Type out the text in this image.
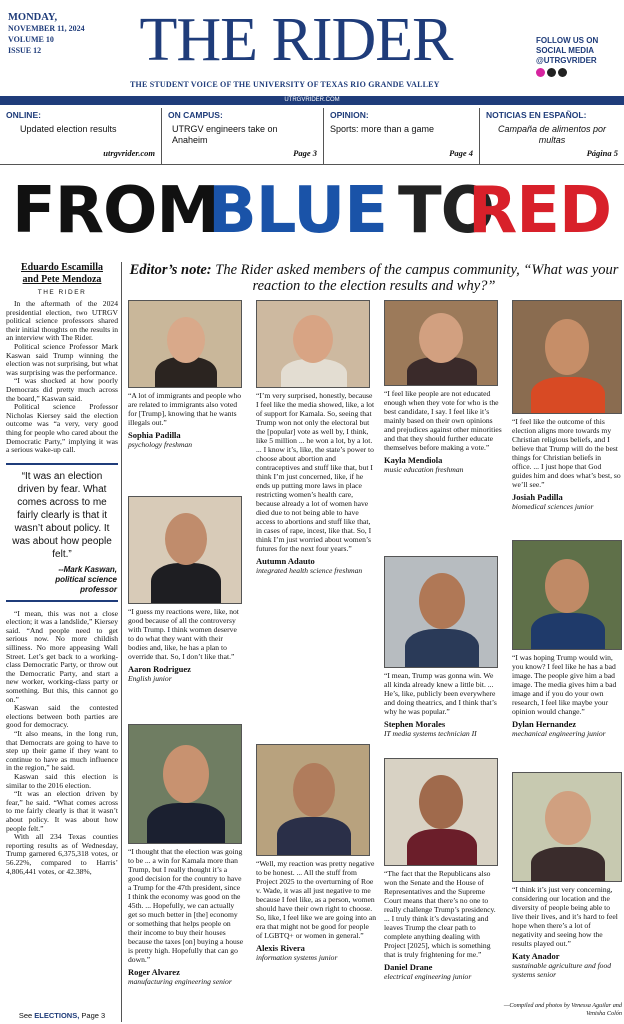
MONDAY,
NOVEMBER 11, 2024
VOLUME 10
ISSUE 12	THE RIDER
THE STUDENT VOICE OF THE UNIVERSITY OF TEXAS RIO GRANDE VALLEY
FOLLOW US ON
SOCIAL MEDIA
@UTRGVRIDER
UTRGVRIDER.COM
ONLINE:
Updated election results
utrgvrider.com
ON CAMPUS:
UTRGV engineers take on Anaheim
Page 3
OPINION:
Sports: more than a game
Page 4
NOTICIAS EN ESPAÑOL:
Campaña de alimentos por multas
Página 5
FROM
BLUE TO
RED
Eduardo Escamilla
and Pete Mendoza
THE RIDER

In the aftermath of the 2024 presidential election, two UTRGV political science professors shared their initial thoughts on the results in an interview with The Rider.

Political science Professor Mark Kaswan said Trump winning the election was not surprising, but what was surprising was the performance.

“I was shocked at how poorly Democrats did pretty much across the board,” Kaswan said.

Political science Professor Nicholas Kiersey said the election outcome was “a very, very good thing for people who cared about the Democratic Party,” implying it was a serious wake-up call.

“It was an election driven by fear. What comes across to me fairly clearly is that it wasn’t about policy. It was about how people felt.”
--Mark Kaswan,
political science
professor

“I mean, this was not a close election; it was a landslide,” Kiersey said. “And people need to get serious now. No more childish silliness. No more appeasing Wall Street. Let’s get back to a working-class Democratic Party, or throw out the Democratic Party, and start a new worker, working-class party or something. But this, this cannot go on.”

Kaswan said the contested elections between both parties are good for democracy.

“It also means, in the long run, that Democrats are going to have to step up their game if they want to continue to have as much influence in the region,” he said.

Kaswan said this election is similar to the 2016 election.

“It was an election driven by fear,” he said. “What comes across to me fairly clearly is that it wasn’t about policy. It was about how people felt.”

With all 234 Texas counties reporting results as of Wednesday, Trump garnered 6,375,318 votes, or 56.22%, compared to Harris’ 4,806,441 votes, or 42.38%,

See ELECTIONS, Page 3
Editor’s note: The Rider asked members of the campus community, “What was your reaction to the election results and why?”
“A lot of immigrants and people who are related to immigrants also voted for [Trump], knowing that he wants illegals out.”
Sophia Padilla
psychology freshman
“I guess my reactions were, like, not good because of all the controversy with Trump. I think women deserve to do what they want with their bodies and, like, he has a plan to override that. So, I don’t like that.”
Aaron Rodriguez
English junior
“I thought that the election was going to be ... a win for Kamala more than Trump, but I really thought it’s a good decision for the country to have a Trump for the 47th president, since I think the economy was good on the 45th. ... Hopefully, we can actually get so much better in [the] economy or something that helps people on their income to buy their houses because the taxes [on] buying a house is pretty high. Hopefully that can go down.”
Roger Alvarez
manufacturing engineering senior
“I’m very surprised, honestly, because I feel like the media showed, like, a lot of support for Kamala. So, seeing that Trump won not only the electoral but the [popular] vote as well by, I think, like 5 million ... he won a lot, by a lot. ... I know it’s, like, the state’s power to choose about abortion and contraceptives and stuff like that, but I think I’m just concerned, like, if he ends up putting more laws in place restricting women’s health care, because already a lot of women have died due to not being able to have access to abortions and stuff like that, in cases of rape, incest, like that. So, I think I’m just worried about women’s futures for the next four years.”
Autumn Adauto
integrated health science freshman
“Well, my reaction was pretty negative to be honest. ... All the stuff from Project 2025 to the overturning of Roe v. Wade, it was all just negative to me because I feel like, as a person, women should have their own right to choose. So, like, I feel like we are going into an era that might not be good for people of LGBTQ+ or women in general.”
Alexis Rivera
information systems junior
“I feel like people are not educated enough when they vote for who is the best candidate, I say. I feel like it’s mainly based on their own opinions and prejudices against other minorities and that they should further educate themselves before making a vote.”
Kayla Mendiola
music education freshman
“I mean, Trump was gonna win. We all kinda already knew a little bit. ... He’s, like, publicly been everywhere and doing theatrics, and I think that’s why he was popular.”
Stephen Morales
IT media systems technician II
“The fact that the Republicans also won the Senate and the House of Representatives and the Supreme Court means that there’s no one to really challenge Trump’s presidency. ... I truly think it’s devastating and leaves Trump the clear path to complete anything dealing with Project [2025], which is something that is truly frightening for me.”
Daniel Drane
electrical engineering junior
“I feel like the outcome of this election aligns more towards my Christian religious beliefs, and I believe that Trump will do the best things for Christian beliefs in office. ... I just hope that God guides him and does what’s best, so we’ll see.”
Josiah Padilla
biomedical sciences junior
“I was hoping Trump would win, you know? I feel like he has a bad image. The people give him a bad image. The media gives him a bad image and if you do your own research, I feel like maybe your opinion would change.”
Dylan Hernandez
mechanical engineering junior
“I think it’s just very concerning, considering our location and the diversity of people being able to live their lives, and it’s hard to feel hope when there’s a lot of negativity and seeing how the results played out.”
Katy Anador
sustainable agriculture and food systems senior
—Compiled and photos by Venessa Aguilar and Venisha Colón
